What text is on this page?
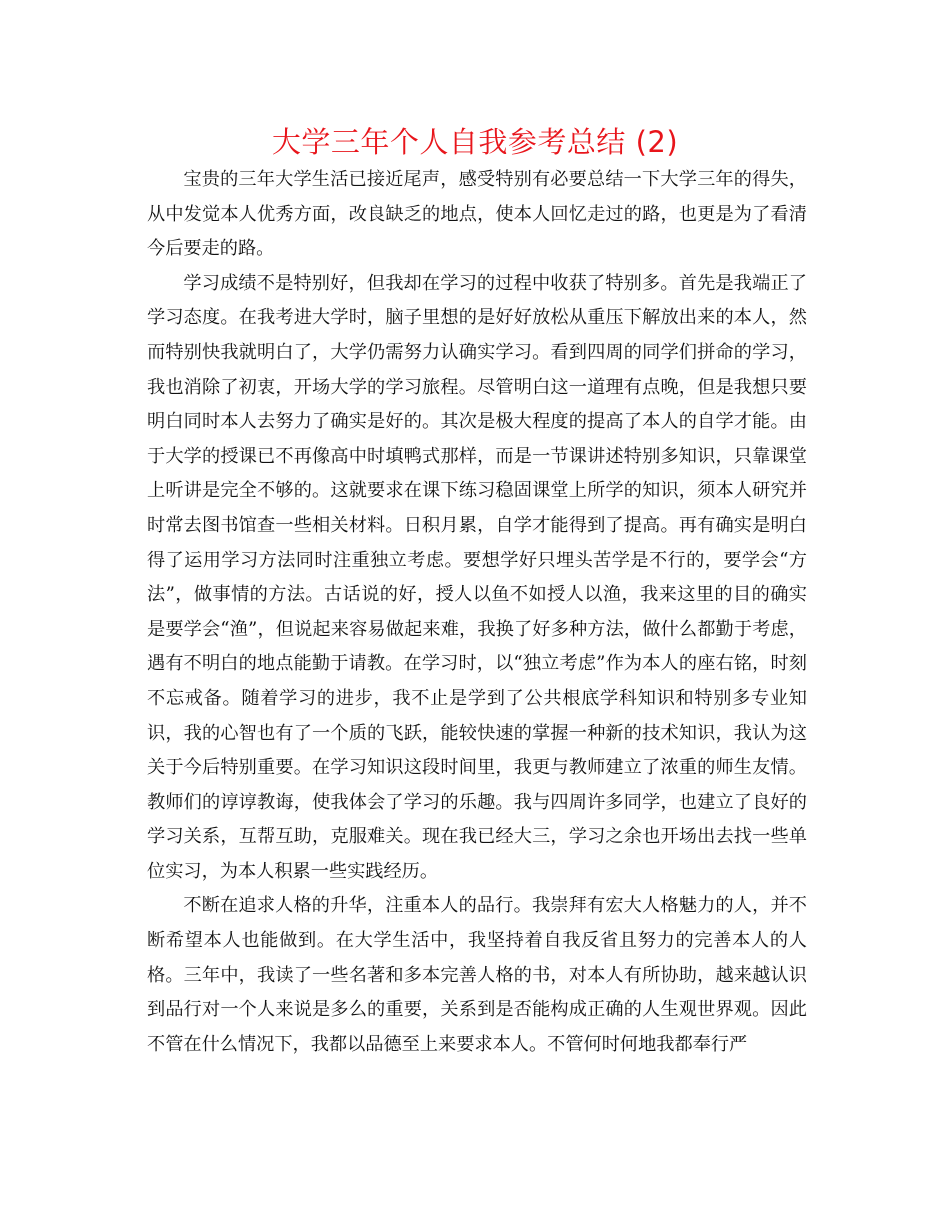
大学三年个人自我参考总结 (2)

宝贵的三年大学生活已接近尾声，感受特别有必要总结一下大学三年的得失，从中发觉本人优秀方面，改良缺乏的地点，使本人回忆走过的路，也更是为了看清今后要走的路。

学习成绩不是特别好，但我却在学习的过程中收获了特别多。首先是我端正了学习态度。在我考进大学时，脑子里想的是好好放松从重压下解放出来的本人，然而特别快我就明白了，大学仍需努力认确实学习。看到四周的同学们拼命的学习，我也消除了初衷，开场大学的学习旅程。尽管明白这一道理有点晚，但是我想只要明白同时本人去努力了确实是好的。其次是极大程度的提高了本人的自学才能。由于大学的授课已不再像高中时填鸭式那样，而是一节课讲述特别多知识，只靠课堂上听讲是完全不够的。这就要求在课下练习稳固课堂上所学的知识，须本人研究并时常去图书馆查一些相关材料。日积月累，自学才能得到了提高。再有确实是明白得了运用学习方法同时注重独立考虑。要想学好只埋头苦学是不行的，要学会“方法”，做事情的方法。古话说的好，授人以鱼不如授人以渔，我来这里的目的确实是要学会“渔”，但说起来容易做起来难，我换了好多种方法，做什么都勤于考虑，遇有不明白的地点能勤于请教。在学习时，以“独立考虑”作为本人的座右铭，时刻不忘戒备。随着学习的进步，我不止是学到了公共根底学科知识和特别多专业知识，我的心智也有了一个质的飞跃，能较快速的掌握一种新的技术知识，我认为这关于今后特别重要。在学习知识这段时间里，我更与教师建立了浓重的师生友情。教师们的谆谆教诲，使我体会了学习的乐趣。我与四周许多同学，也建立了良好的学习关系，互帮互助，克服难关。现在我已经大三，学习之余也开场出去找一些单位实习，为本人积累一些实践经历。

不断在追求人格的升华，注重本人的品行。我崇拜有宏大人格魅力的人，并不断希望本人也能做到。在大学生活中，我坚持着自我反省且努力的完善本人的人格。三年中，我读了一些名著和多本完善人格的书，对本人有所协助，越来越认识到品行对一个人来说是多么的重要，关系到是否能构成正确的人生观世界观。因此不管在什么情况下，我都以品德至上来要求本人。不管何时何地我都奉行严
